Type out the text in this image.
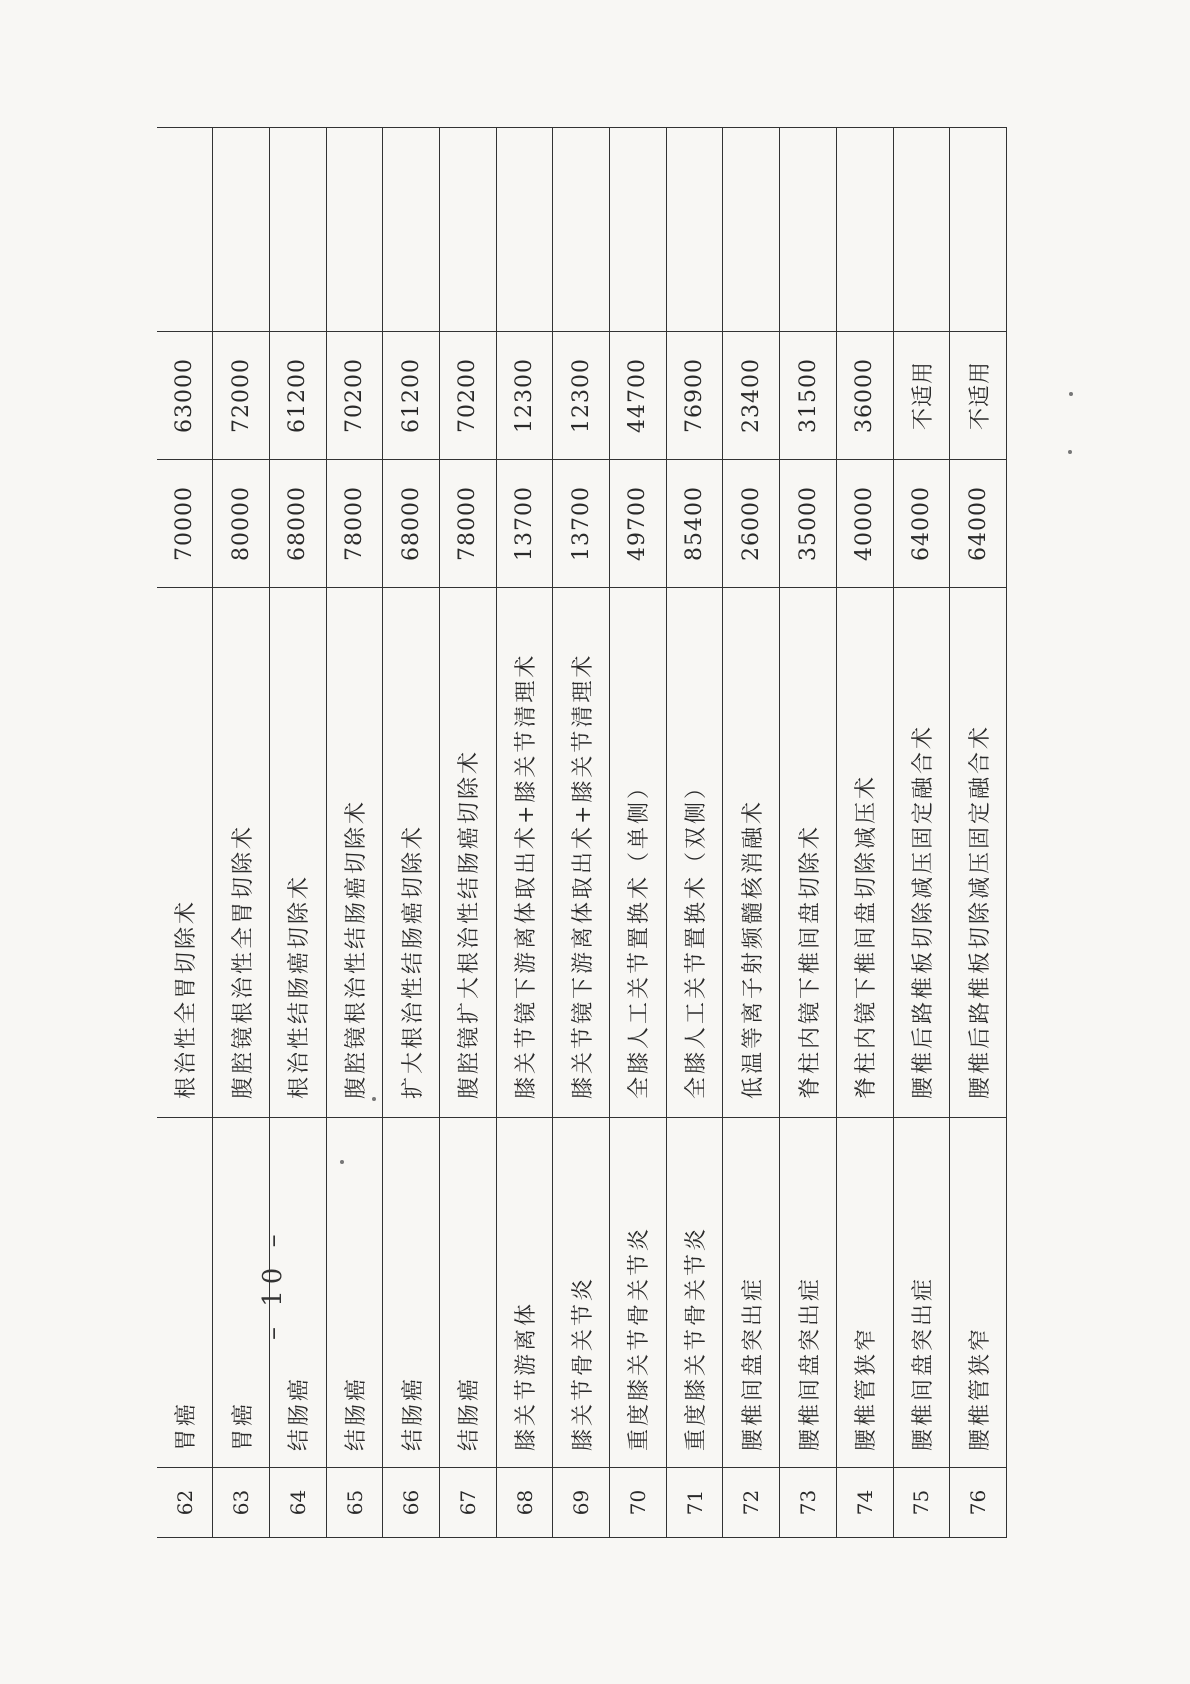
62	胃癌	根治性全胃切除术	70000	63000	
63	胃癌	腹腔镜根治性全胃切除术	80000	72000	
64	结肠癌	根治性结肠癌切除术	68000	61200	
65	结肠癌	腹腔镜根治性结肠癌切除术	78000	70200	
66	结肠癌	扩大根治性结肠癌切除术	68000	61200	
67	结肠癌	腹腔镜扩大根治性结肠癌切除术	78000	70200	
68	膝关节游离体	膝关节镜下游离体取出术+膝关节清理术	13700	12300	
69	膝关节骨关节炎	膝关节镜下游离体取出术+膝关节清理术	13700	12300	
70	重度膝关节骨关节炎	全膝人工关节置换术（单侧）	49700	44700	
71	重度膝关节骨关节炎	全膝人工关节置换术（双侧）	85400	76900	
72	腰椎间盘突出症	低温等离子射频髓核消融术	26000	23400	
73	腰椎间盘突出症	脊柱内镜下椎间盘切除术	35000	31500	
74	腰椎管狭窄	脊柱内镜下椎间盘切除减压术	40000	36000	
75	腰椎间盘突出症	腰椎后路椎板切除减压固定融合术	64000	不适用	
76	腰椎管狭窄	腰椎后路椎板切除减压固定融合术	64000	不适用	
– 10 –
